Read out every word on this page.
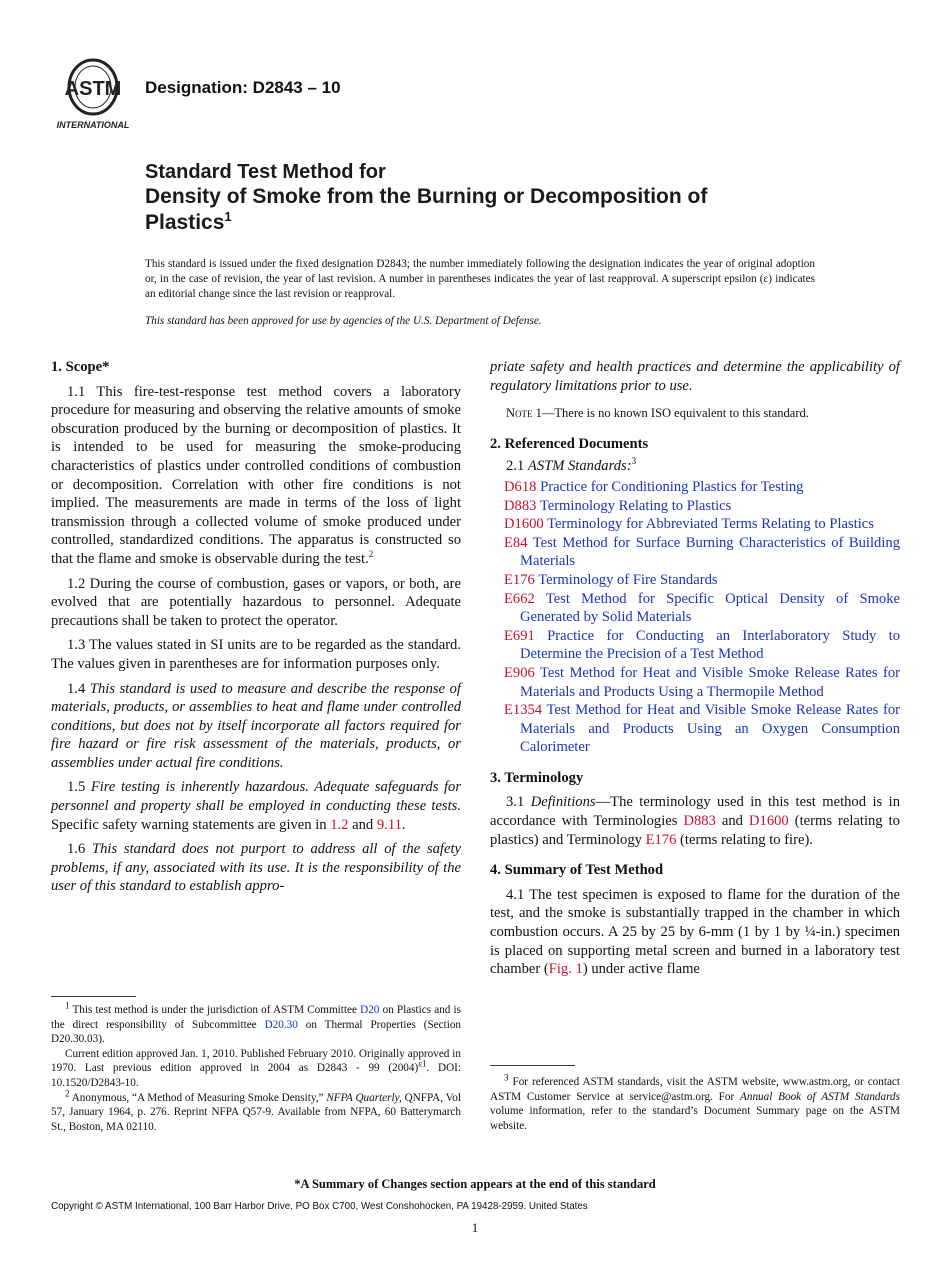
ASTM
INTERNATIONAL
Designation: D2843 – 10
Standard Test Method for
Density of Smoke from the Burning or Decomposition of
Plastics$^1$

This standard is issued under the fixed designation D2843; the number immediately following the designation indicates the year of original adoption or, in the case of revision, the year of last revision. A number in parentheses indicates the year of last reapproval. A superscript epsilon (ε) indicates an editorial change since the last revision or reapproval.

This standard has been approved for use by agencies of the U.S. Department of Defense.

1. Scope*

1.1 This fire-test-response test method covers a laboratory procedure for measuring and observing the relative amounts of smoke obscuration produced by the burning or decomposition of plastics. It is intended to be used for measuring the smoke-producing characteristics of plastics under controlled conditions of combustion or decomposition. Correlation with other fire conditions is not implied. The measurements are made in terms of the loss of light transmission through a collected volume of smoke produced under controlled, standardized conditions. The apparatus is constructed so that the flame and smoke is observable during the test.$^2$

1.2 During the course of combustion, gases or vapors, or both, are evolved that are potentially hazardous to personnel. Adequate precautions shall be taken to protect the operator.

1.3 The values stated in SI units are to be regarded as the standard. The values given in parentheses are for information purposes only.

1.4 This standard is used to measure and describe the response of materials, products, or assemblies to heat and flame under controlled conditions, but does not by itself incorporate all factors required for fire hazard or fire risk assessment of the materials, products, or assemblies under actual fire conditions.

1.5 Fire testing is inherently hazardous. Adequate safeguards for personnel and property shall be employed in conducting these tests. Specific safety warning statements are given in 1.2 and 9.11.

1.6 This standard does not purport to address all of the safety problems, if any, associated with its use. It is the responsibility of the user of this standard to establish appro-

priate safety and health practices and determine the applicability of regulatory limitations prior to use.

Note 1—There is no known ISO equivalent to this standard.

2. Referenced Documents

2.1 ASTM Standards:$^3$

D618 Practice for Conditioning Plastics for Testing

D883 Terminology Relating to Plastics

D1600 Terminology for Abbreviated Terms Relating to Plastics

E84 Test Method for Surface Burning Characteristics of Building Materials

E176 Terminology of Fire Standards

E662 Test Method for Specific Optical Density of Smoke Generated by Solid Materials

E691 Practice for Conducting an Interlaboratory Study to Determine the Precision of a Test Method

E906 Test Method for Heat and Visible Smoke Release Rates for Materials and Products Using a Thermopile Method

E1354 Test Method for Heat and Visible Smoke Release Rates for Materials and Products Using an Oxygen Consumption Calorimeter

3. Terminology

3.1 Definitions—The terminology used in this test method is in accordance with Terminologies D883 and D1600 (terms relating to plastics) and Terminology E176 (terms relating to fire).

4. Summary of Test Method

4.1 The test specimen is exposed to flame for the duration of the test, and the smoke is substantially trapped in the chamber in which combustion occurs. A 25 by 25 by 6-mm (1 by 1 by ¼-in.) specimen is placed on supporting metal screen and burned in a laboratory test chamber (Fig. 1) under active flame

$^1$ This test method is under the jurisdiction of ASTM Committee D20 on Plastics and is the direct responsibility of Subcommittee D20.30 on Thermal Properties (Section D20.30.03).

Current edition approved Jan. 1, 2010. Published February 2010. Originally approved in 1970. Last previous edition approved in 2004 as D2843 - 99 $(2004)^{\varepsilon 1}$. DOI: 10.1520/D2843-10.

$^2$ Anonymous, “A Method of Measuring Smoke Density,” NFPA Quarterly, QNFPA, Vol 57, January 1964, p. 276. Reprint NFPA Q57-9. Available from NFPA, 60 Batterymarch St., Boston, MA 02110.

$^3$ For referenced ASTM standards, visit the ASTM website, www.astm.org, or contact ASTM Customer Service at service@astm.org. For Annual Book of ASTM Standards volume information, refer to the standard’s Document Summary page on the ASTM website.

*A Summary of Changes section appears at the end of this standard
Copyright © ASTM International, 100 Barr Harbor Drive, PO Box C700, West Conshohocken, PA 19428-2959. United States
1
